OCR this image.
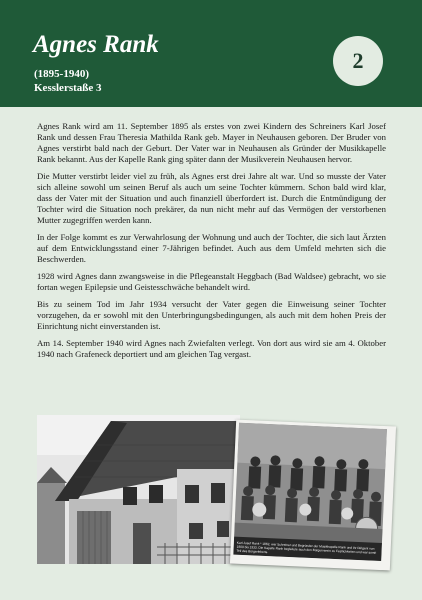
Agnes Rank
(1895-1940)
Kesslerstaße 3
2

Agnes Rank wird am 11. September 1895 als erstes von zwei Kindern des Schreiners Karl Josef Rank und dessen Frau Theresia Mathilda Rank geb. Mayer in Neuhausen geboren. Der Bruder von Agnes verstirbt bald nach der Geburt. Der Vater war in Neuhausen als Gründer der Musikkapelle Rank bekannt. Aus der Kapelle Rank ging später dann der Musikverein Neuhausen hervor.

Die Mutter verstirbt leider viel zu früh, als Agnes erst drei Jahre alt war. Und so musste der Vater sich alleine sowohl um seinen Beruf als auch um seine Tochter kümmern. Schon bald wird klar, dass der Vater mit der Situation und auch finanziell überfordert ist. Durch die Entmündigung der Tochter wird die Situation noch prekärer, da nun nicht mehr auf das Vermögen der verstorbenen Mutter zugegriffen werden kann.

In der Folge kommt es zur Verwahrlosung der Wohnung und auch der Tochter, die sich laut Ärzten auf dem Entwicklungsstand einer 7-Jährigen befindet. Auch aus dem Umfeld mehrten sich die Beschwerden.

1928 wird Agnes dann zwangsweise in die Pflegeanstalt Heggbach (Bad Waldsee) gebracht, wo sie fortan wegen Epilepsie und Geistesschwäche behandelt wird.

Bis zu seinem Tod im Jahr 1934 versucht der Vater gegen die Einweisung seiner Tochter vorzugehen, da er sowohl mit den Unterbringungsbedingungen, als auch mit dem hohen Preis der Einrichtung nicht einverstanden ist.

Am 14. September 1940 wird Agnes nach Zwiefalten verlegt. Von dort aus wird sie am 4. Oktober 1940 nach Grafeneck deportiert und am gleichen Tag vergast.

Karl Josef Rank * 1862, war Schreiner und Begründer der Musikkapelle Rank und ihr Dirigent von 1900 bis 1933. Die Kapelle Rank begleitete auch den Bürgerverein zu Festlichkeiten und war somit Teil des Bürgerlebens.
